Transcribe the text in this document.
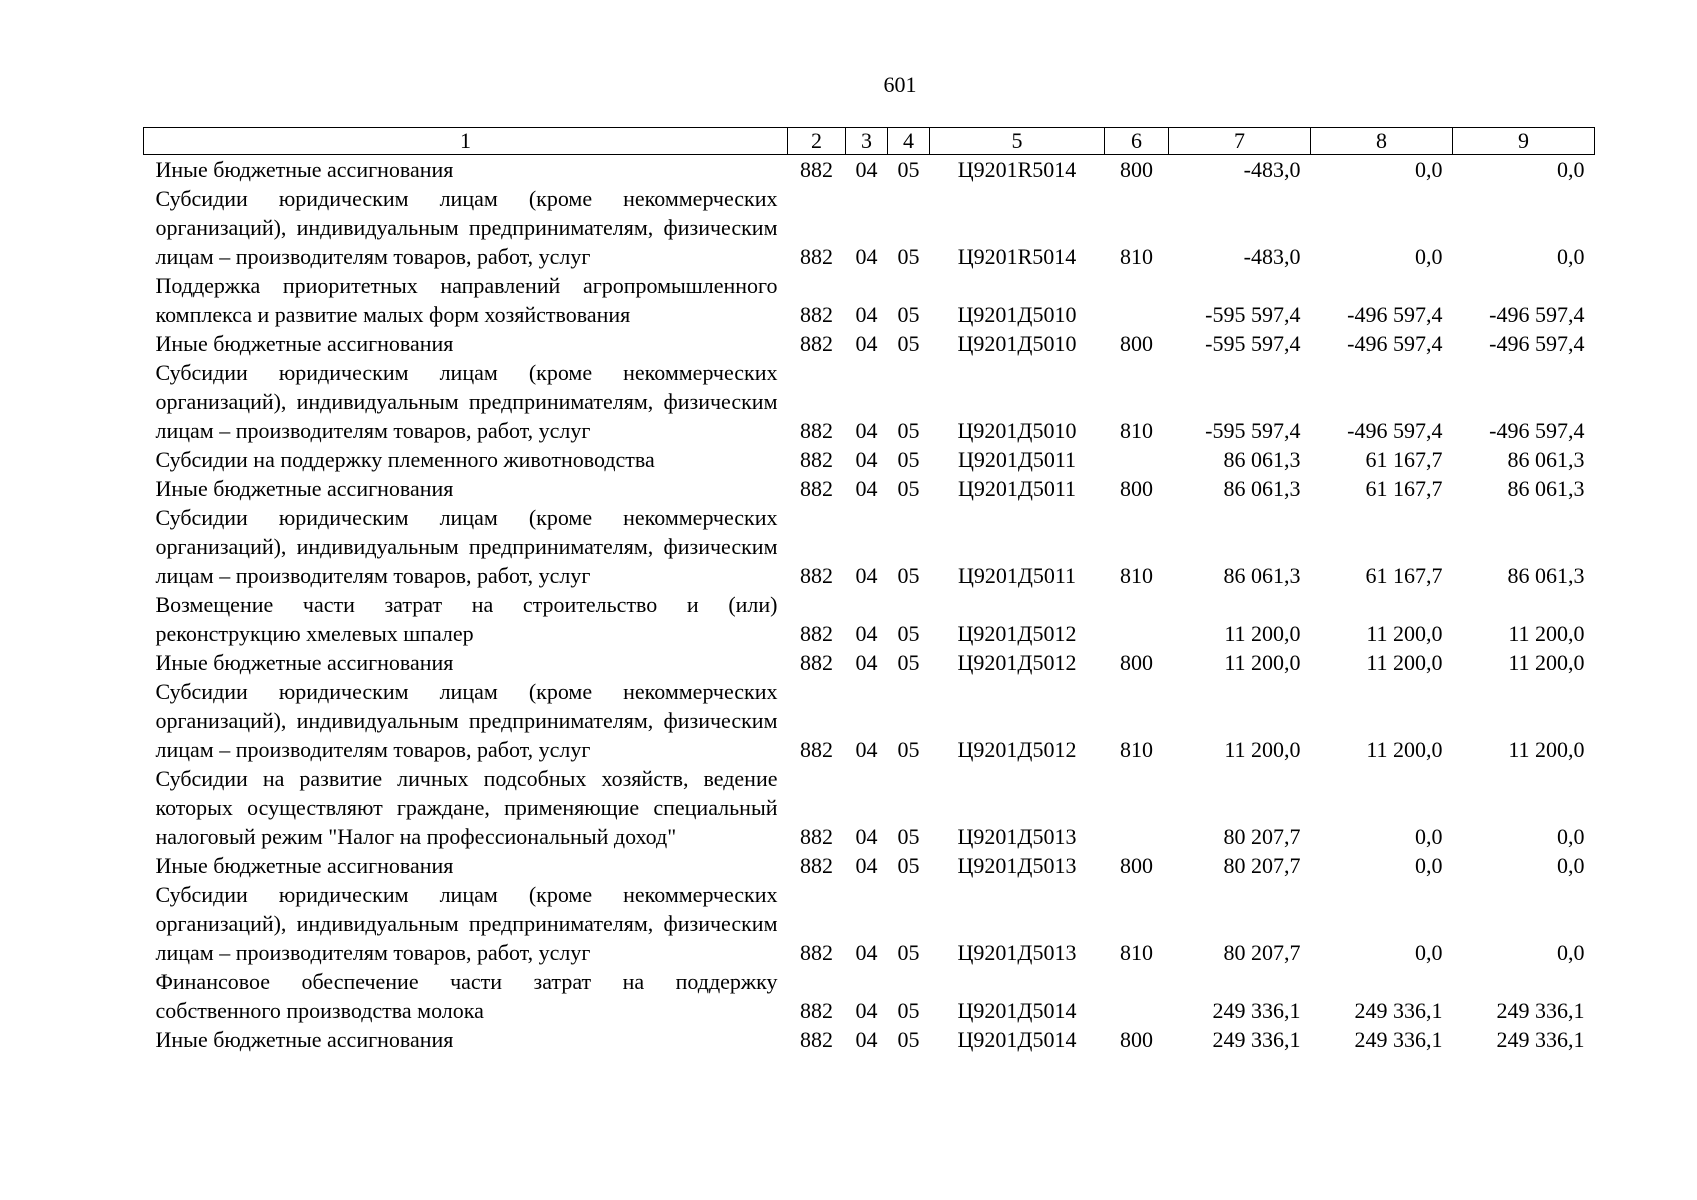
601
1	2	3	4	5	6	7	8	9
Иные бюджетные ассигнования	882	04	05	Ц9201R5014	800	-483,0	0,0	0,0
Субсидии юридическим лицам (кроме некоммерческих организаций), индивидуальным предпринимателям, физическим лицам – производителям товаров, работ, услуг	882	04	05	Ц9201R5014	810	-483,0	0,0	0,0
Поддержка приоритетных направлений агропромышленного комплекса и развитие малых форм хозяйствования	882	04	05	Ц9201Д5010		-595 597,4	-496 597,4	-496 597,4
Иные бюджетные ассигнования	882	04	05	Ц9201Д5010	800	-595 597,4	-496 597,4	-496 597,4
Субсидии юридическим лицам (кроме некоммерческих организаций), индивидуальным предпринимателям, физическим лицам – производителям товаров, работ, услуг	882	04	05	Ц9201Д5010	810	-595 597,4	-496 597,4	-496 597,4
Субсидии на поддержку племенного животноводства	882	04	05	Ц9201Д5011		86 061,3	61 167,7	86 061,3
Иные бюджетные ассигнования	882	04	05	Ц9201Д5011	800	86 061,3	61 167,7	86 061,3
Субсидии юридическим лицам (кроме некоммерческих организаций), индивидуальным предпринимателям, физическим лицам – производителям товаров, работ, услуг	882	04	05	Ц9201Д5011	810	86 061,3	61 167,7	86 061,3
Возмещение части затрат на строительство и (или) реконструкцию хмелевых шпалер	882	04	05	Ц9201Д5012		11 200,0	11 200,0	11 200,0
Иные бюджетные ассигнования	882	04	05	Ц9201Д5012	800	11 200,0	11 200,0	11 200,0
Субсидии юридическим лицам (кроме некоммерческих организаций), индивидуальным предпринимателям, физическим лицам – производителям товаров, работ, услуг	882	04	05	Ц9201Д5012	810	11 200,0	11 200,0	11 200,0
Субсидии на развитие личных подсобных хозяйств, ведение которых осуществляют граждане, применяющие специальный налоговый режим "Налог на профессиональный доход"	882	04	05	Ц9201Д5013		80 207,7	0,0	0,0
Иные бюджетные ассигнования	882	04	05	Ц9201Д5013	800	80 207,7	0,0	0,0
Субсидии юридическим лицам (кроме некоммерческих организаций), индивидуальным предпринимателям, физическим лицам – производителям товаров, работ, услуг	882	04	05	Ц9201Д5013	810	80 207,7	0,0	0,0
Финансовое обеспечение части затрат на поддержку собственного производства молока	882	04	05	Ц9201Д5014		249 336,1	249 336,1	249 336,1
Иные бюджетные ассигнования	882	04	05	Ц9201Д5014	800	249 336,1	249 336,1	249 336,1
